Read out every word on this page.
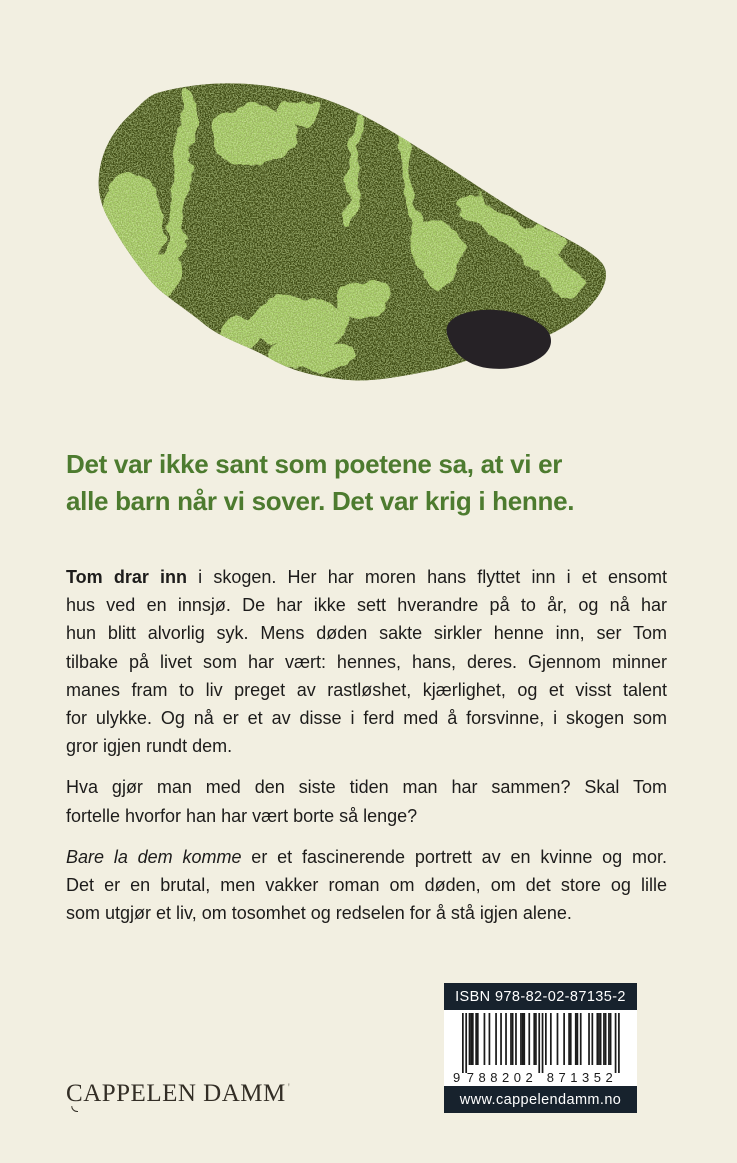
Det var ikke sant som poetene sa, at vi er
alle barn når vi sover. Det var krig i henne.
Tom drar inn i skogen. Her har moren hans flyttet inn i et ensomt
hus ved en innsjø. De har ikke sett hverandre på to år, og nå har
hun blitt alvorlig syk. Mens døden sakte sirkler henne inn, ser Tom
tilbake på livet som har vært: hennes, hans, deres. Gjennom minner
manes fram to liv preget av rastløshet, kjærlighet, og et visst talent
for ulykke. Og nå er et av disse i ferd med å forsvinne, i skogen som
gror igjen rundt dem.
Hva gjør man med den siste tiden man har sammen? Skal Tom
fortelle hvorfor han har vært borte så lenge?
Bare la dem komme er et fascinerende portrett av en kvinne og mor.
Det er en brutal, men vakker roman om døden, om det store og lille
som utgjør et liv, om tosomhet og redselen for å stå igjen alene.
ISBN 978-82-02-87135-2
9 788202 871352
www.cappelendamm.no
CAPPELEN DAMM '
